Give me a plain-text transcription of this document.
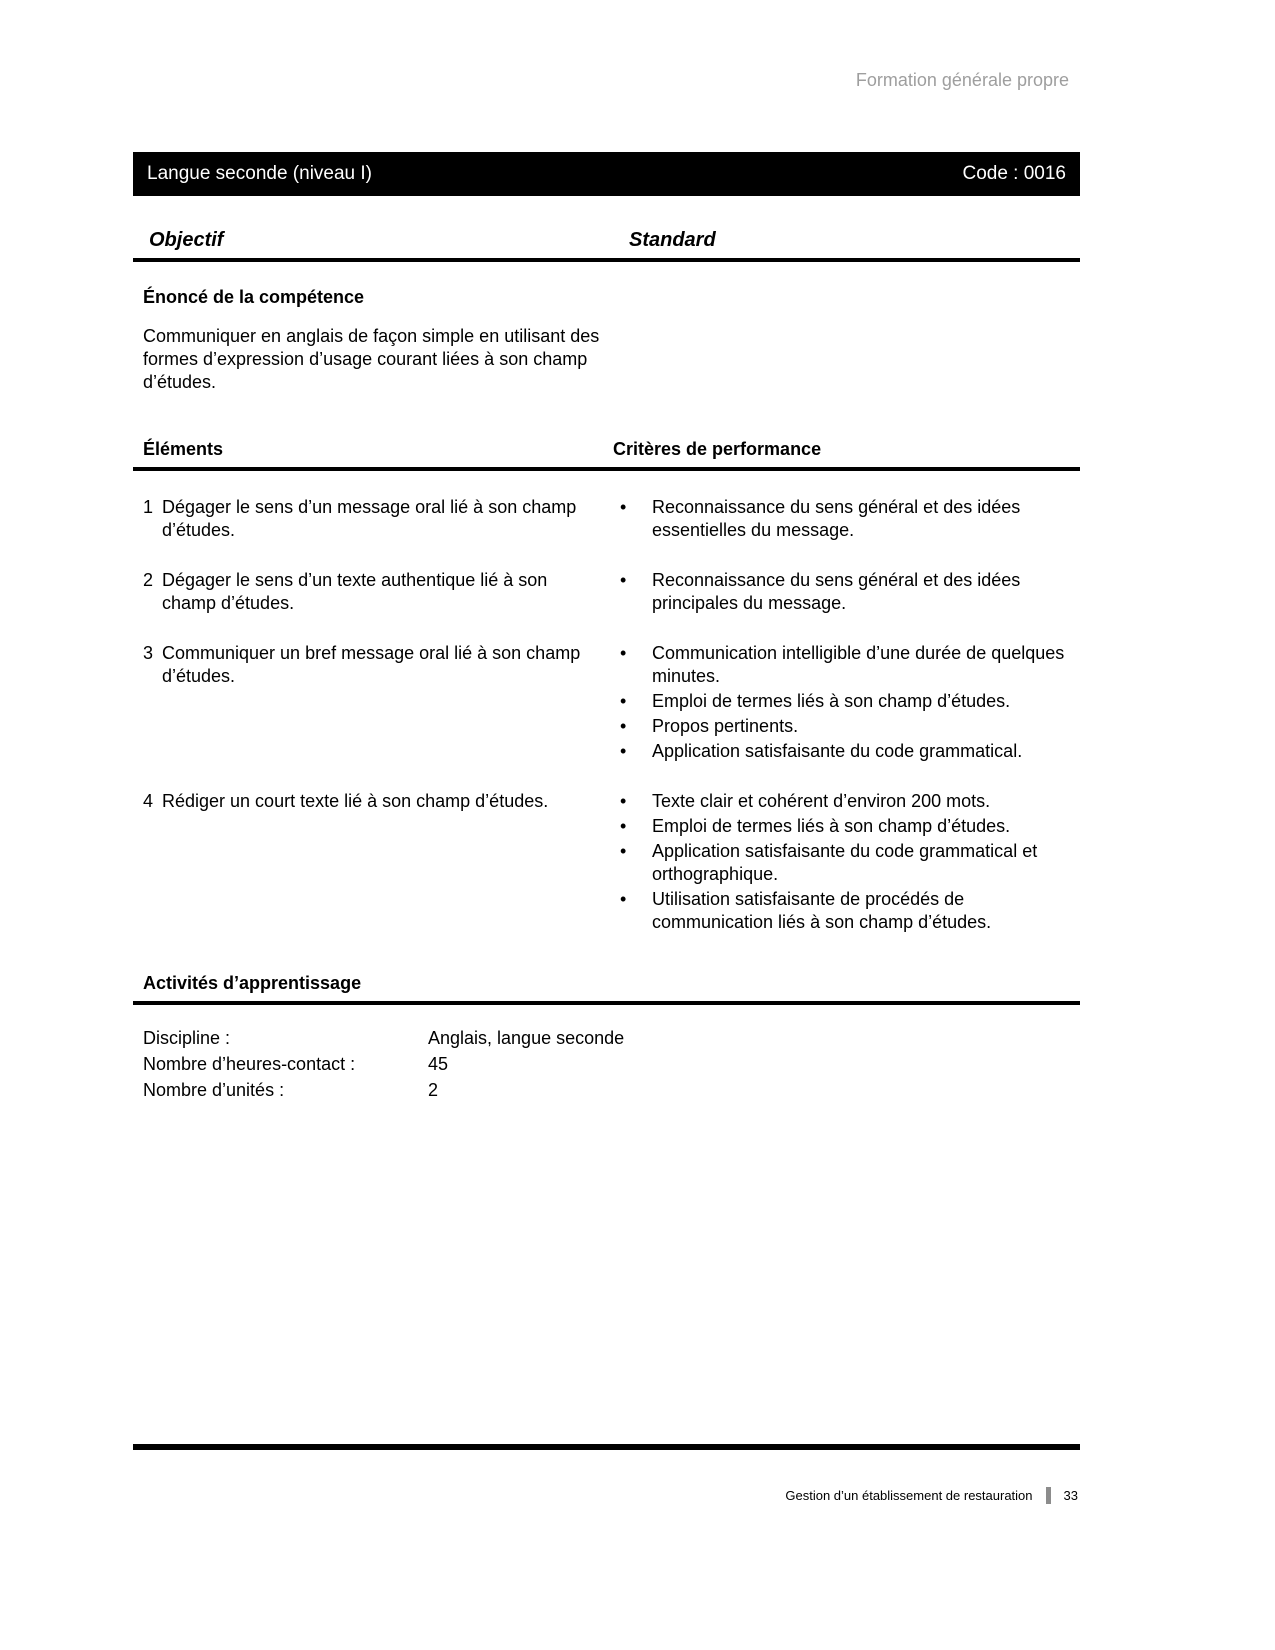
Formation générale propre
Langue seconde (niveau I)	Code : 0016
Objectif	Standard
Énoncé de la compétence

Communiquer en anglais de façon simple en utilisant des formes d’expression d’usage courant liées à son champ d’études.

Éléments	Critères de performance
1 Dégager le sens d’un message oral lié à son champ d’études.
• Reconnaissance du sens général et des idées essentielles du message.
2 Dégager le sens d’un texte authentique lié à son champ d’études.
• Reconnaissance du sens général et des idées principales du message.
3 Communiquer un bref message oral lié à son champ d’études.
• Communication intelligible d’une durée de quelques minutes.
• Emploi de termes liés à son champ d’études.
• Propos pertinents.
• Application satisfaisante du code grammatical.
4 Rédiger un court texte lié à son champ d’études.	• Texte clair et cohérent d’environ 200 mots.
• Emploi de termes liés à son champ d’études.
• Application satisfaisante du code grammatical et orthographique.
• Utilisation satisfaisante de procédés de communication liés à son champ d’études.
Activités d’apprentissage
Discipline :	Anglais, langue seconde
Nombre d’heures-contact :	45
Nombre d’unités :	2
Gestion d’un établissement de restauration 33
